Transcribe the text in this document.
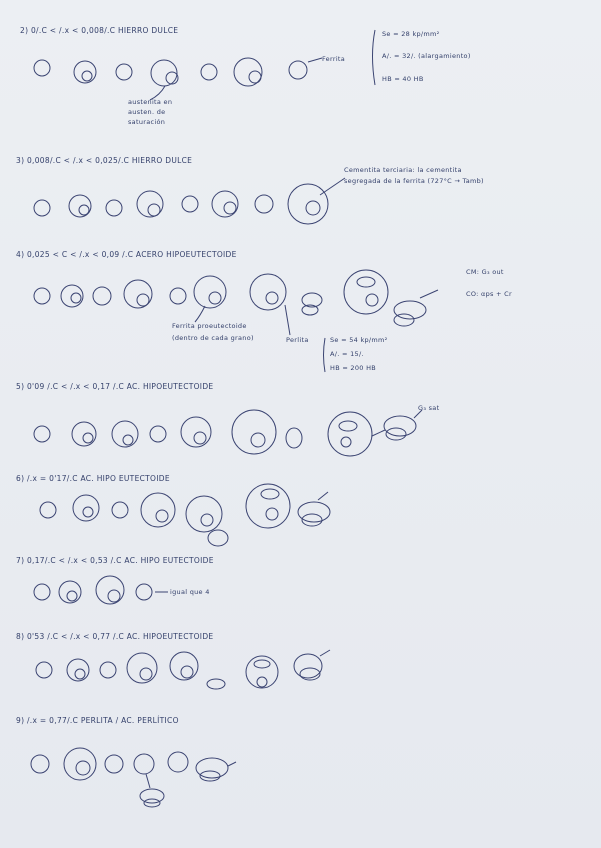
2) 0/.C < /.x < 0,008/.C HIERRO DULCE
3) 0,008/.C < /.x < 0,025/.C HIERRO DULCE
4) 0,025 < C < /.x < 0,09 /.C ACERO HIPOEUTECTOIDE
5) 0'09 /.C < /.x < 0,17 /.C AC. HIPOEUTECTOIDE
6) /.x = 0'17/.C AC. HIPO EUTECTOIDE
7) 0,17/.C < /.x < 0,53 /.C AC. HIPO EUTECTOIDE
8) 0'53 /.C < /.x < 0,77 /.C AC. HIPOEUTECTOIDE
9) /.x = 0,77/.C PERLITA / AC. PERLÍTICO
Ferrita
Se = 28 kp/mm²
A/. = 32/. (alargamiento)
HB = 40 HB
austenita en
austen. de
saturación
Cementita terciaria: la cementita
segregada de la ferrita (727°C → Tamb)
CM: G₃ out
CO: αps + Cr
Ferrita proeutectoide
(dentro de cada grano)	Perlita	Se = 54 kp/mm²
A/. = 15/.
HB = 200 HB
G₃ sat
igual que 4
